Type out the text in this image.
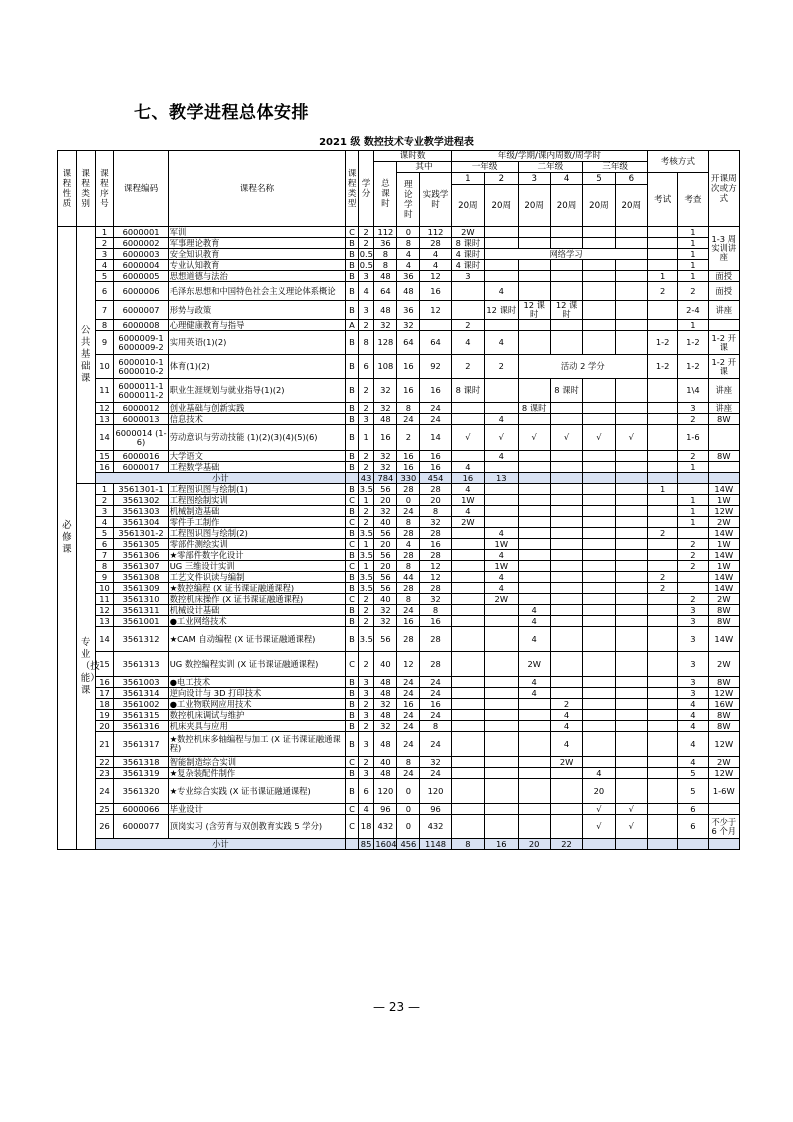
七、教学进程总体安排
2021 级 数控技术专业教学进程表
课程性质	课程类别	课程序号	课程编码	课程名称	课程类型	学分	课时数			年级/学期/课内周数/周学时						考核方式		开课周次或方式

							总课时	其中		一年级		二年级		三年级				

								理论学时	实践学时	1	2	3	4	5	6	考试	考查	
										20周	20周	20周	20周	20周	20周			

必修课	公共基础课	1	6000001	军训	C	2	112	0	112	2W							1	1-3 周实训讲座
		2	6000002	军事理论教育	B	2	36	8	28	8 课时							1	
		3	6000003	安全知识教育	B	0.5	8	4	4	4 课时	网络学习						1	
		4	6000004	专业认知教育	B	0.5	8	4	4	4 课时							1	
		5	6000005	思想道德与法治	B	3	48	36	12	3						1	1	面授
		6	6000006	毛泽东思想和中国特色社会主义理论体系概论	B	4	64	48	16		4					2	2	面授
		7	6000007	形势与政策	B	3	48	36	12		12 课时	12 课时	12 课时				2-4	讲座
		8	6000008	心理健康教育与指导	A	2	32	32		2							1	
		9	6000009-1 6000009-2	实用英语(1)(2)	B	8	128	64	64	4	4					1-2	1-2	1-2 开课
		10	6000010-1 6000010-2	体育(1)(2)	B	6	108	16	92	2	2	活动 2 学分				1-2	1-2	1-2 开课
		11	6000011-1 6000011-2	职业生涯规划与就业指导(1)(2)	B	2	32	16	16	8 课时			8 课时				1\4	讲座
		12	6000012	创业基础与创新实践	B	2	32	8	24			8 课时					3	讲座
		13	6000013	信息技术	B	3	48	24	24		4						2	8W
		14	6000014 (1-6)	劳动意识与劳动技能 (1)(2)(3)(4)(5)(6)	B	1	16	2	14	√	√	√	√	√	√		1-6	
		15	6000016	大学语文	B	2	32	16	16		4						2	8W
		16	6000017	工程数学基础	B	2	32	16	16	4							1	
		小计				43	784	330	454	16	13							

	专业（技能）课	1	3561301-1	工程图识图与绘制(1)	B	3.5	56	28	28	4						1		14W
		2	3561302	工程图绘制实训	C	1	20	0	20	1W							1	1W
		3	3561303	机械制造基础	B	2	32	24	8	4							1	12W
		4	3561304	零件手工制作	C	2	40	8	32	2W							1	2W
		5	3561301-2	工程图识图与绘制(2)	B	3.5	56	28	28		4					2		14W
		6	3561305	零部件测绘实训	C	1	20	4	16		1W						2	1W
		7	3561306	★零部件数字化设计	B	3.5	56	28	28		4						2	14W
		8	3561307	UG 三维设计实训	C	1	20	8	12		1W						2	1W
		9	3561308	工艺文件识读与编制	B	3.5	56	44	12		4					2		14W
		10	3561309	★数控编程 (X 证书课证融通课程)	B	3.5	56	28	28		4					2		14W
		11	3561310	数控机床操作 (X 证书课证融通课程)	C	2	40	8	32		2W						2	2W
		12	3561311	机械设计基础	B	2	32	24	8			4					3	8W
		13	3561001	●工业网络技术	B	2	32	16	16			4					3	8W
		14	3561312	★CAM 自动编程 (X 证书课证融通课程)	B	3.5	56	28	28			4					3	14W
		15	3561313	UG 数控编程实训 (X 证书课证融通课程)	C	2	40	12	28			2W					3	2W
		16	3561003	●电工技术	B	3	48	24	24			4					3	8W
		17	3561314	逆向设计与 3D 打印技术	B	3	48	24	24			4					3	12W
		18	3561002	●工业物联网应用技术	B	2	32	16	16				2				4	16W
		19	3561315	数控机床调试与维护	B	3	48	24	24				4				4	8W
		20	3561316	机床夹具与应用	B	2	32	24	8				4				4	8W
		21	3561317	★数控机床多轴编程与加工 (X 证书课证融通课程)	B	3	48	24	24				4				4	12W
		22	3561318	智能制造综合实训	C	2	40	8	32				2W				4	2W
		23	3561319	★复杂装配件制作	B	3	48	24	24					4			5	12W
		24	3561320	★专业综合实践 (X 证书课证融通课程)	B	6	120	0	120					20			5	1-6W
		25	6000066	毕业设计	C	4	96	0	96					√	√		6	
		26	6000077	顶岗实习 (含劳育与双创教育实践 5 学分)	C	18	432	0	432					√	√		6	不少于 6 个月
		小计				85	1604	456	1148	8	16	20	22					
— 23 —
